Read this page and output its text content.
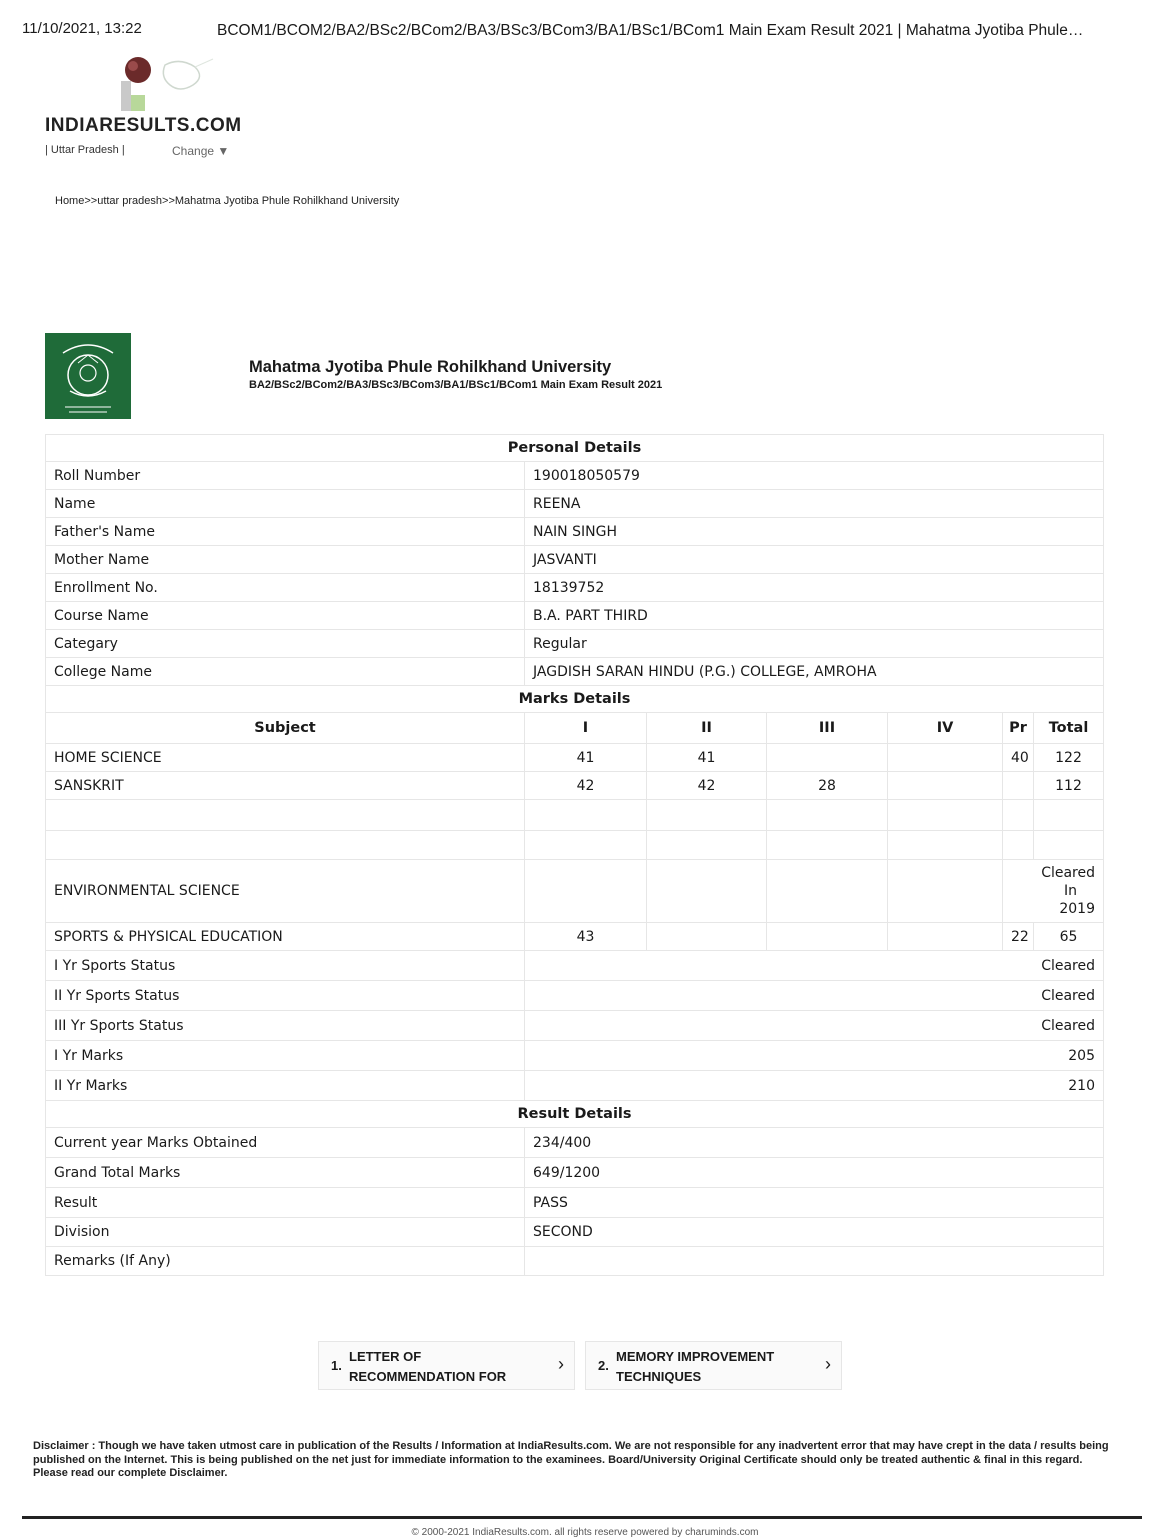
11/10/2021, 13:22	BCOM1/BCOM2/BA2/BSc2/BCom2/BA3/BSc3/BCom3/BA1/BSc1/BCom1 Main Exam Result 2021 | Mahatma Jyotiba Phule…
INDIARESULTS.COM
| Uttar Pradesh |	Change ▼
Home>>uttar pradesh>>Mahatma Jyotiba Phule Rohilkhand University
Mahatma Jyotiba Phule Rohilkhand University
BA2/BSc2/BCom2/BA3/BSc3/BCom3/BA1/BSc1/BCom1 Main Exam Result 2021
Personal Details						
Roll Number	190018050579					
Name	REENA					
Father's Name	NAIN SINGH					
Mother Name	JASVANTI					
Enrollment No.	18139752					
Course Name	B.A. PART THIRD					
Categary	Regular					
College Name	JAGDISH SARAN HINDU (P.G.) COLLEGE, AMROHA					
Marks Details						
Subject	I	II	III	IV	Pr	Total
HOME SCIENCE	41	41			40	122
SANSKRIT	42	42	28			112

ENVIRONMENTAL SCIENCE					Cleared
In
2019	
SPORTS & PHYSICAL EDUCATION	43				22	65
I Yr Sports Status	Cleared					
II Yr Sports Status	Cleared					
III Yr Sports Status	Cleared					
I Yr Marks	205					
II Yr Marks	210					
Result Details						
Current year Marks Obtained	234/400					
Grand Total Marks	649/1200					
Result	PASS					
Division	SECOND					
Remarks (If Any)						
1.
LETTER OF
RECOMMENDATION FOR
›	2.
MEMORY IMPROVEMENT
TECHNIQUES
›
Disclaimer : Though we have taken utmost care in publication of the Results / Information at IndiaResults.com. We are not responsible for any inadvertent error that may have crept in the data / results being published on the Internet. This is being published on the net just for immediate information to the examinees. Board/University Original Certificate should only be treated authentic & final in this regard. Please read our complete Disclaimer.
© 2000-2021 IndiaResults.com. all rights reserve powered by charuminds.com
